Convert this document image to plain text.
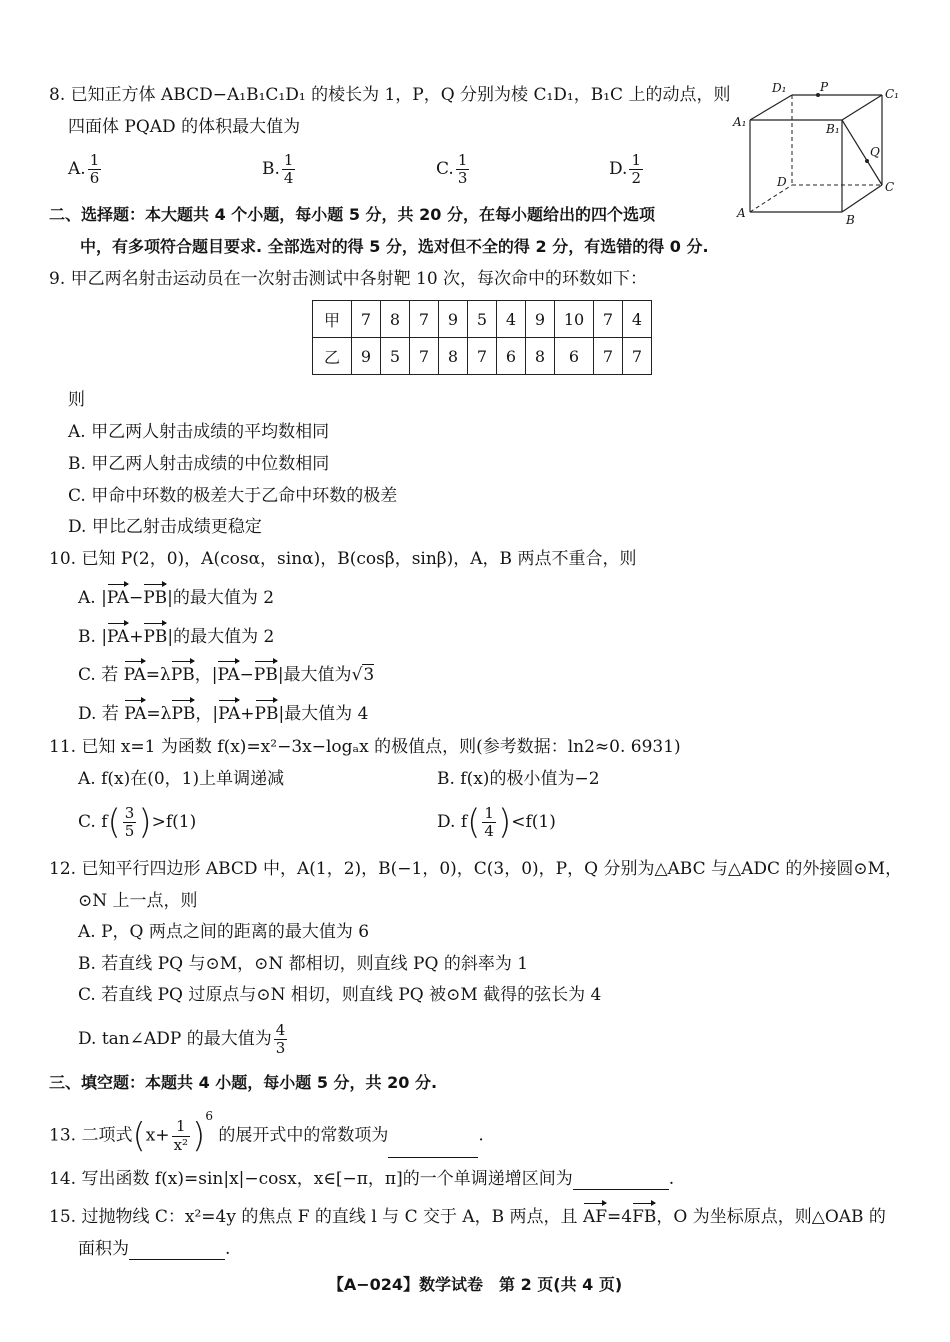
8. 已知正方体 ABCD−A₁B₁C₁D₁ 的棱长为 1，P，Q 分别为棱 C₁D₁，B₁C 上的动点，则
四面体 PQAD 的体积最大值为
A. $\frac{1}{6}$	B. $\frac{1}{4}$	C. $\frac{1}{3}$	D. $\frac{1}{2}$
D₁	P	C₁
A₁	B₁
Q
D	C
A	B
二、选择题：本大题共 4 个小题，每小题 5 分，共 20 分，在每小题给出的四个选项
中，有多项符合题目要求. 全部选对的得 5 分，选对但不全的得 2 分，有选错的得 0 分.
9. 甲乙两名射击运动员在一次射击测试中各射靶 10 次，每次命中的环数如下：
甲	7	8	7	9	5	4	9	10	7	4
乙	9	5	7	8	7	6	8	6	7	7
则
A. 甲乙两人射击成绩的平均数相同
B. 甲乙两人射击成绩的中位数相同
C. 甲命中环数的极差大于乙命中环数的极差
D. 甲比乙射击成绩更稳定
10. 已知 P(2，0)，A(cosα，sinα)，B(cosβ，sinβ)，A，B 两点不重合，则
A. |PA−PB|的最大值为 2
B. |PA+PB|的最大值为 2
C. 若 PA=λPB，|PA−PB|最大值为√3
D. 若 PA=λPB，|PA+PB|最大值为 4
11. 已知 x=1 为函数 f(x)=x²−3x−logₐx 的极值点，则(参考数据：ln2≈0. 6931)
A. f(x)在(0，1)上单调递减	B. f(x)的极小值为−2
C. $f( \frac{3}{5} )>f(1)$	D. $f( \frac{1}{4} )<f(1)$
12. 已知平行四边形 ABCD 中，A(1，2)，B(−1，0)，C(3，0)，P，Q 分别为△ABC 与△ADC 的外接圆⊙M，
⊙N 上一点，则
A. P，Q 两点之间的距离的最大值为 6
B. 若直线 PQ 与⊙M，⊙N 都相切，则直线 PQ 的斜率为 1
C. 若直线 PQ 过原点与⊙N 相切，则直线 PQ 被⊙M 截得的弦长为 4
D. tan∠ADP 的最大值为 $\frac{4}{3}$
三、填空题：本题共 4 小题，每小题 5 分，共 20 分.
13. 二项式$(x+ \frac{1}{\text{x²}} )^6$ 的展开式中的常数项为	.
14. 写出函数 f(x)=sin|x|−cosx，x∈[−π，π]的一个单调递增区间为	.
15. 过抛物线 C：x²=4y 的焦点 F 的直线 l 与 C 交于 A，B 两点，且 AF=4FB，O 为坐标原点，则△OAB 的
面积为	.
【A−024】数学试卷　第 2 页(共 4 页)
